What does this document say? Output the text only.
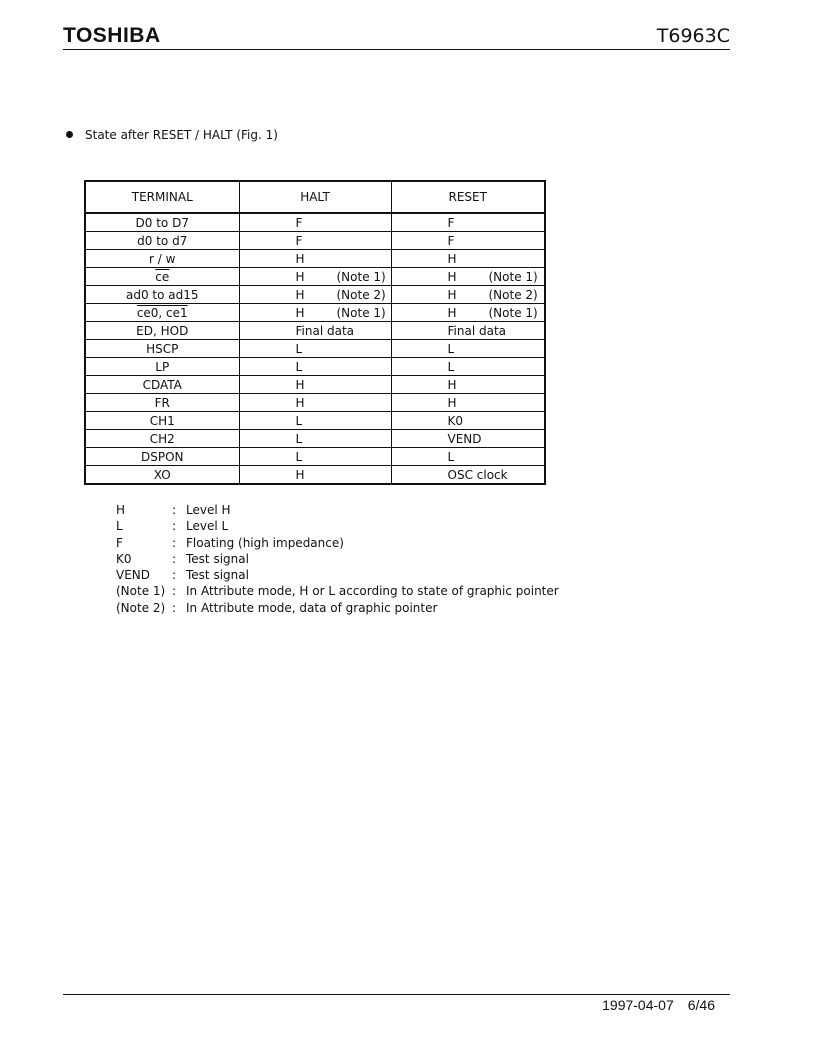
TOSHIBA	T6963C
State after RESET / HALT (Fig. 1)
TERMINAL	HALT	RESET
D0 to D7	F	F
d0 to d7	F	F
r / w	H	H
$\overline{ce}$	H (Note 1)	H (Note 1)
ad0 to ad15	H (Note 2)	H (Note 2)
ce0, ce1	H (Note 1)	H (Note 1)
ED, HOD	Final data	Final data
HSCP	L	L
LP	L	L
CDATA	H	H
FR	H	H
CH1	L	K0
CH2	L	VEND
DSPON	L	L
XO	H	OSC clock
H	: Level H
L	: Level L
F	: Floating (high impedance)
K0	: Test signal
VEND	: Test signal
(Note 1) : In Attribute mode, H or L according to state of graphic pointer
(Note 2) : In Attribute mode, data of graphic pointer
1997-04-07 6/46
